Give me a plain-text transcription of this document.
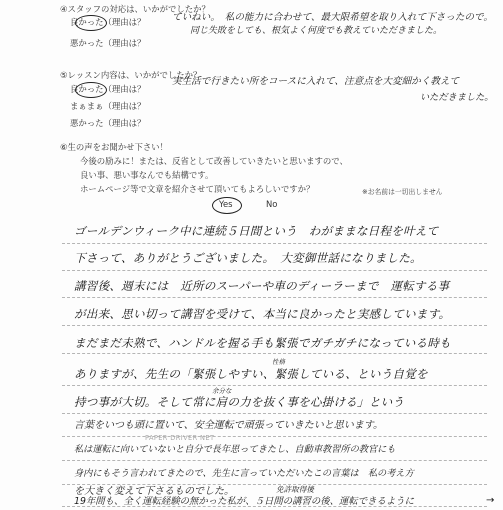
④スタッフの対応は、いかがでしたか？
良かった（理由は？
悪かった（理由は？
ていねい。　私の能力に合わせて、最大限希望を取り入れて下さったので。
同じ失敗をしても、根気よく何度でも教えていただきました。
⑤レッスン内容は、いかがでしたか？
良かった（理由は？
まぁまぁ（理由は？
悪かった（理由は？
実生活で行きたい所をコースに入れて、注意点を大変細かく教えて
いただきました。
⑥生の声をお聞かせ下さい！
今後の励みに！または、反省として改善していきたいと思いますので、
良い事、悪い事なんでも結構です。
ホームページ等で文章を紹介させて頂いてもよろしいですか？	※お名前は一切出しません
Yes	No
ゴールデンウィーク中に連続５日間という　わがままな日程を叶えて
下さって、ありがとうございました。　大変御世話になりました。
講習後、週末には　近所のスーパーや車のディーラーまで　運転する事
が出来、思い切って講習を受けて、本当に良かったと実感しています。
まだまだ未熟で、ハンドルを握る手も緊張でガチガチになっている時も
性格
ありますが、先生の「緊張しやすい、緊張している、という自覚を
余分な
持つ事が大切。そして常に肩の力を抜く事を心掛ける」という
言葉をいつも頭に置いて、安全運転で頑張っていきたいと思います。
PAPER DRIVER NET
私は運転に向いていないと自分で長年思ってきたし、自動車教習所の教官にも
身内にもそう言われてきたので、先生に言っていただいたこの言葉は　私の考え方
を大きく変えて下さるものでした。	免許取得後
19年間も、全く運転経験の無かった私が、５日間の講習の後、運転できるように	→
